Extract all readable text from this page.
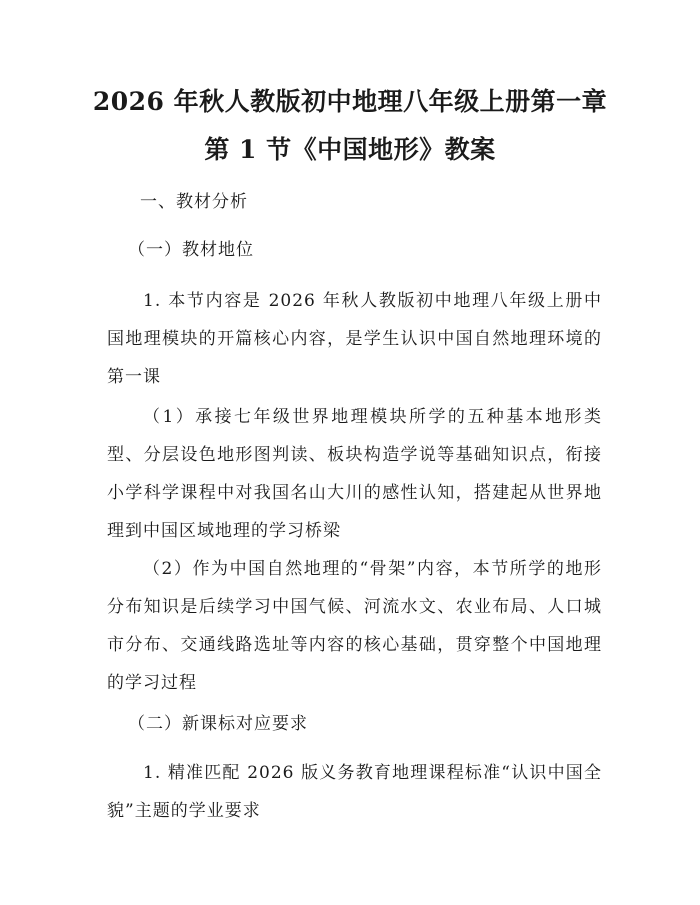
2026 年秋人教版初中地理八年级上册第一章
第 1 节《中国地形》教案
一、教材分析
（一）教材地位
1. 本节内容是 2026 年秋人教版初中地理八年级上册中国地理模块的开篇核心内容，是学生认识中国自然地理环境的第一课
（1）承接七年级世界地理模块所学的五种基本地形类型、分层设色地形图判读、板块构造学说等基础知识点，衔接小学科学课程中对我国名山大川的感性认知，搭建起从世界地理到中国区域地理的学习桥梁
（2）作为中国自然地理的“骨架”内容，本节所学的地形分布知识是后续学习中国气候、河流水文、农业布局、人口城市分布、交通线路选址等内容的核心基础，贯穿整个中国地理的学习过程
（二）新课标对应要求
1. 精准匹配 2026 版义务教育地理课程标准“认识中国全貌”主题的学业要求
